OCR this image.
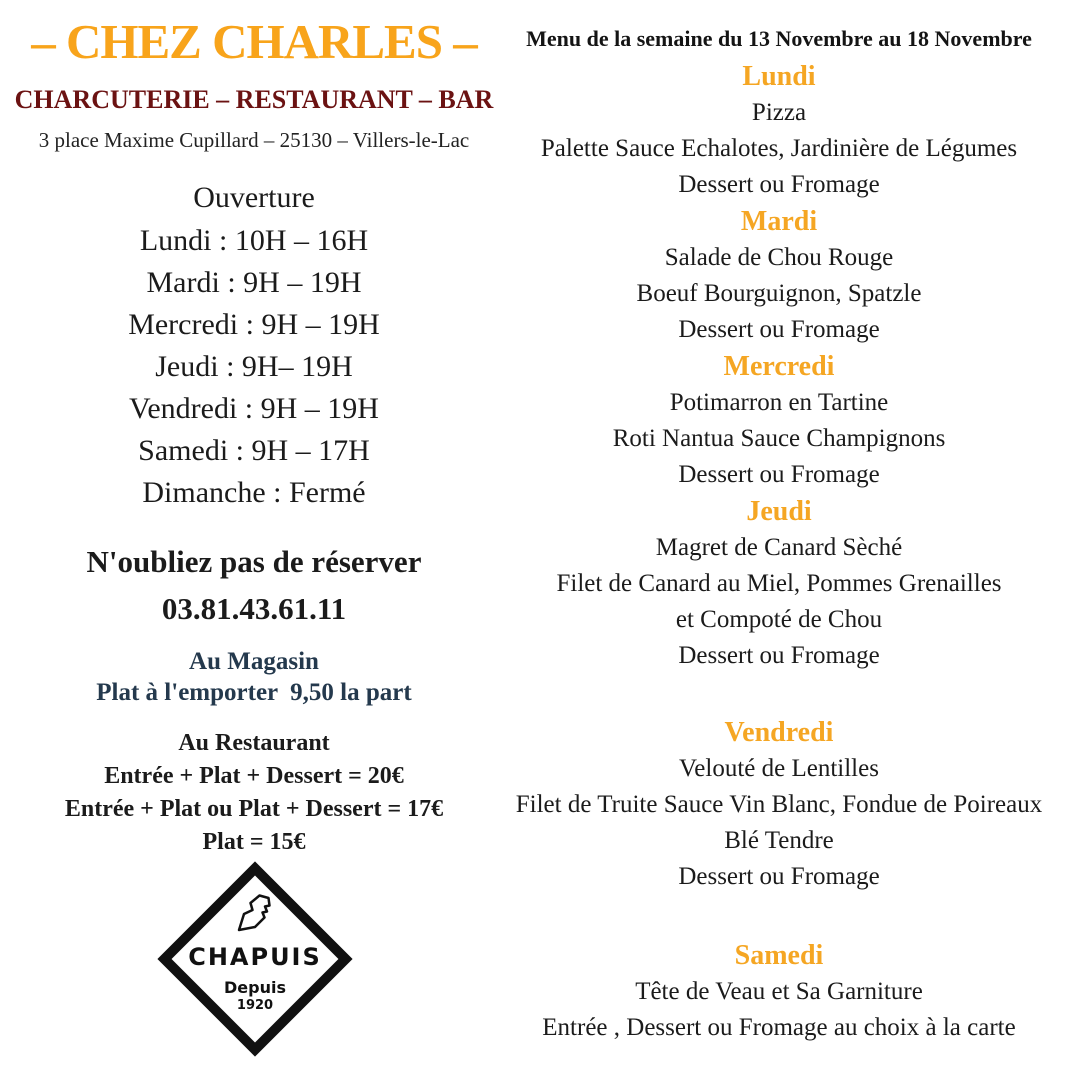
– CHEZ CHARLES –
CHARCUTERIE – RESTAURANT – BAR
3 place Maxime Cupillard – 25130 – Villers-le-Lac

Ouverture

Lundi : 10H – 16H

Mardi : 9H – 19H

Mercredi : 9H – 19H

Jeudi : 9H– 19H

Vendredi : 9H – 19H

Samedi : 9H – 17H

Dimanche : Fermé

N'oubliez pas de réserver

03.81.43.61.11

Au Magasin

Plat à l'emporter  9,50 la part

Au Restaurant

Entrée + Plat + Dessert = 20€

Entrée + Plat ou Plat + Dessert = 17€

Plat = 15€

CHAPUIS
Depuis
1920

Menu de la semaine du 13 Novembre au 18 Novembre

Lundi

Pizza

Palette Sauce Echalotes, Jardinière de Légumes

Dessert ou Fromage

Mardi

Salade de Chou Rouge

Boeuf Bourguignon, Spatzle

Dessert ou Fromage

Mercredi

Potimarron en Tartine

Roti Nantua Sauce Champignons

Dessert ou Fromage

Jeudi

Magret de Canard Sèché

Filet de Canard au Miel, Pommes Grenailles

et Compoté de Chou

Dessert ou Fromage

Vendredi

Velouté de Lentilles

Filet de Truite Sauce Vin Blanc, Fondue de Poireaux

Blé Tendre

Dessert ou Fromage

Samedi

Tête de Veau et Sa Garniture

Entrée , Dessert ou Fromage au choix à la carte
